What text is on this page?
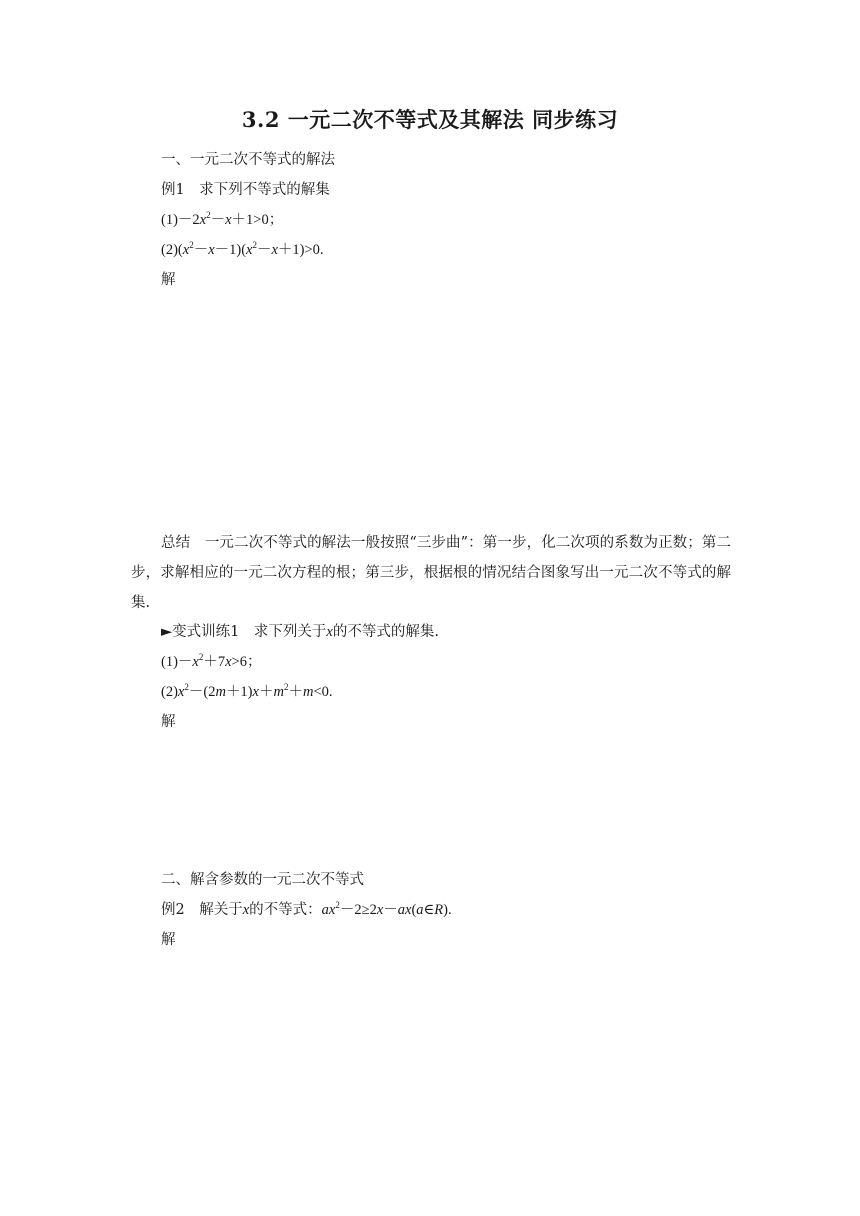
3.2 一元二次不等式及其解法 同步练习
一、一元二次不等式的解法
例1　求下列不等式的解集
$(1)-2x^2-x+1>0$；
$(2)(x^2-x-1)(x^2-x+1)>0$.
解
总结　一元二次不等式的解法一般按照“三步曲”：第一步，化二次项的系数为正数；第二步，求解相应的一元二次方程的根；第三步，根据根的情况结合图象写出一元二次不等式的解集.
►变式训练1　求下列关于x的不等式的解集.
$(1)-x^2+7x>6$；
$(2)x^2-(2m+1)x+m^2+m<0$.
解
二、解含参数的一元二次不等式
例2　解关于x的不等式：$ax^2-2\ge 2x-ax(a\in R)$.
解
